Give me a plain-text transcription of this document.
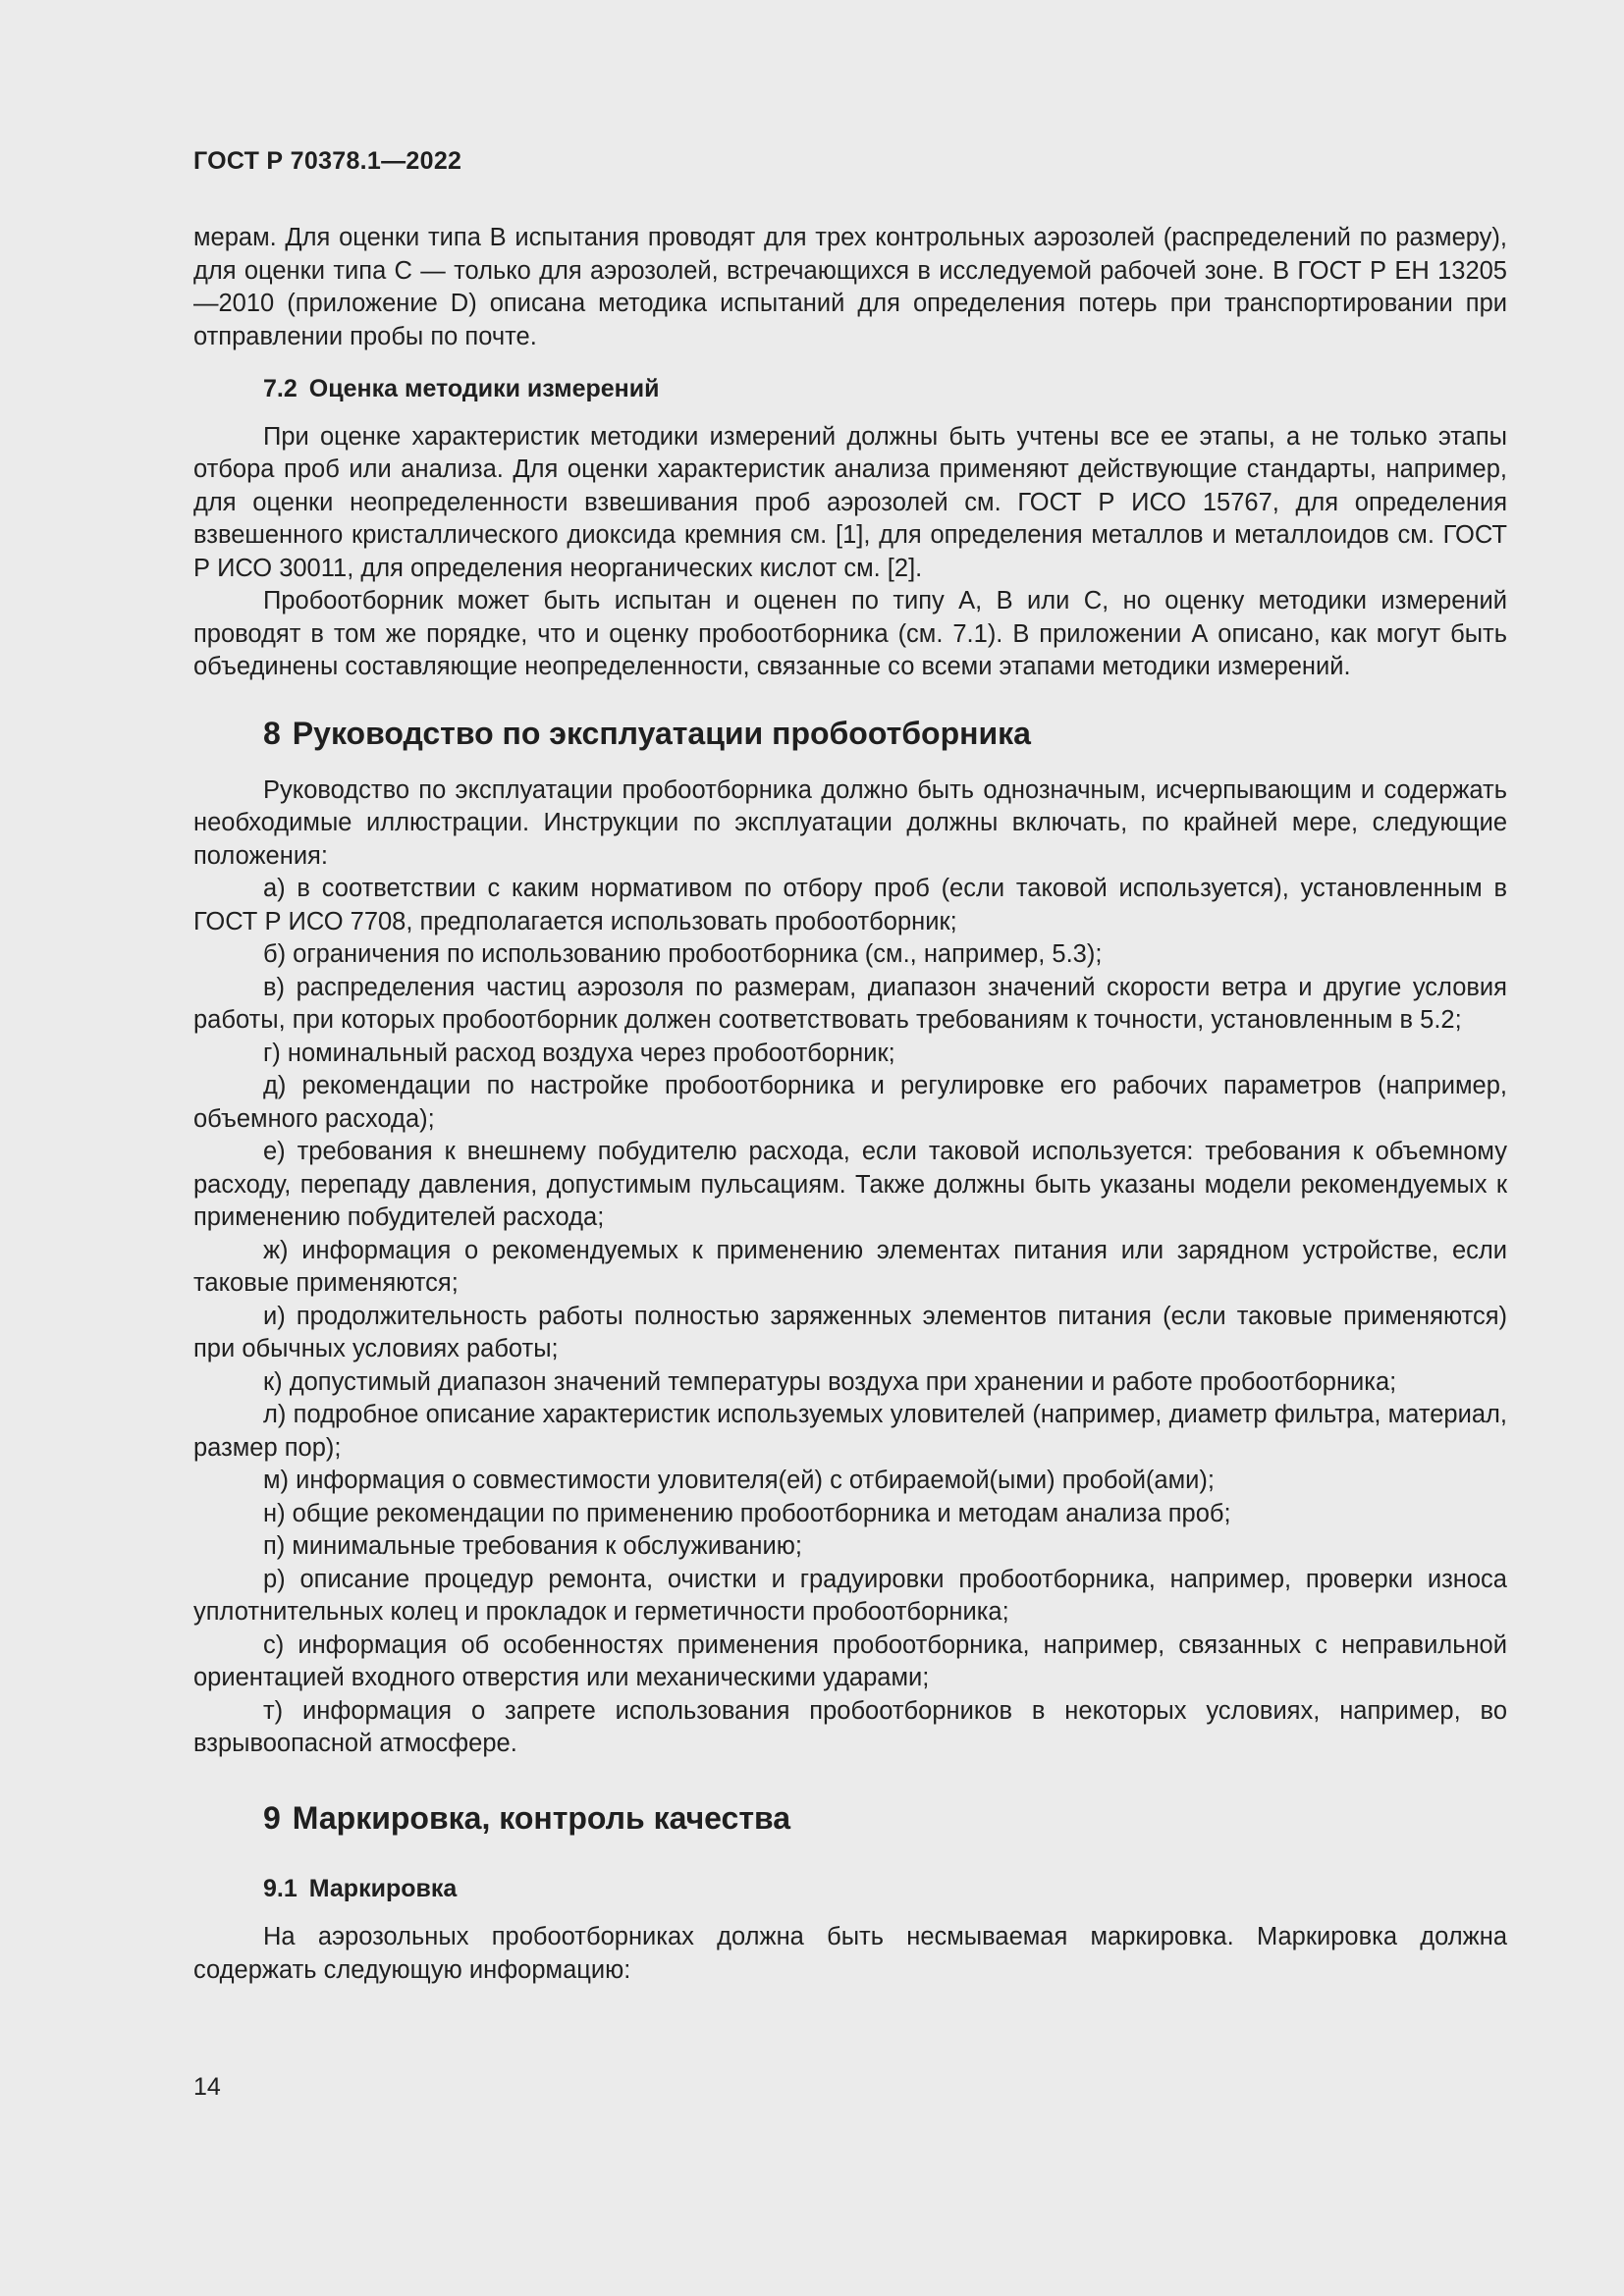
ГОСТ Р 70378.1—2022

мерам. Для оценки типа В испытания проводят для трех контрольных аэрозолей (распределений по размеру), для оценки типа С — только для аэрозолей, встречающихся в исследуемой рабочей зоне. В ГОСТ Р ЕН 13205—2010 (приложение D) описана методика испытаний для определения потерь при транспортировании при отправлении пробы по почте.

7.2 Оценка методики измерений

При оценке характеристик методики измерений должны быть учтены все ее этапы, а не только этапы отбора проб или анализа. Для оценки характеристик анализа применяют действующие стандарты, например, для оценки неопределенности взвешивания проб аэрозолей см. ГОСТ Р ИСО 15767, для определения взвешенного кристаллического диоксида кремния см. [1], для определения металлов и металлоидов см. ГОСТ Р ИСО 30011, для определения неорганических кислот см. [2].

Пробоотборник может быть испытан и оценен по типу А, В или С, но оценку методики измерений проводят в том же порядке, что и оценку пробоотборника (см. 7.1). В приложении А описано, как могут быть объединены составляющие неопределенности, связанные со всеми этапами методики измерений.

8 Руководство по эксплуатации пробоотборника

Руководство по эксплуатации пробоотборника должно быть однозначным, исчерпывающим и содержать необходимые иллюстрации. Инструкции по эксплуатации должны включать, по крайней мере, следующие положения:

а) в соответствии с каким нормативом по отбору проб (если таковой используется), установленным в ГОСТ Р ИСО 7708, предполагается использовать пробоотборник;

б) ограничения по использованию пробоотборника (см., например, 5.3);

в) распределения частиц аэрозоля по размерам, диапазон значений скорости ветра и другие условия работы, при которых пробоотборник должен соответствовать требованиям к точности, установленным в 5.2;

г) номинальный расход воздуха через пробоотборник;

д) рекомендации по настройке пробоотборника и регулировке его рабочих параметров (например, объемного расхода);

е) требования к внешнему побудителю расхода, если таковой используется: требования к объемному расходу, перепаду давления, допустимым пульсациям. Также должны быть указаны модели рекомендуемых к применению побудителей расхода;

ж) информация о рекомендуемых к применению элементах питания или зарядном устройстве, если таковые применяются;

и) продолжительность работы полностью заряженных элементов питания (если таковые применяются) при обычных условиях работы;

к) допустимый диапазон значений температуры воздуха при хранении и работе пробоотборника;

л) подробное описание характеристик используемых уловителей (например, диаметр фильтра, материал, размер пор);

м) информация о совместимости уловителя(ей) с отбираемой(ыми) пробой(ами);

н) общие рекомендации по применению пробоотборника и методам анализа проб;

п) минимальные требования к обслуживанию;

р) описание процедур ремонта, очистки и градуировки пробоотборника, например, проверки износа уплотнительных колец и прокладок и герметичности пробоотборника;

с) информация об особенностях применения пробоотборника, например, связанных с неправильной ориентацией входного отверстия или механическими ударами;

т) информация о запрете использования пробоотборников в некоторых условиях, например, во взрывоопасной атмосфере.

9 Маркировка, контроль качества
9.1 Маркировка

На аэрозольных пробоотборниках должна быть несмываемая маркировка. Маркировка должна содержать следующую информацию:

14
